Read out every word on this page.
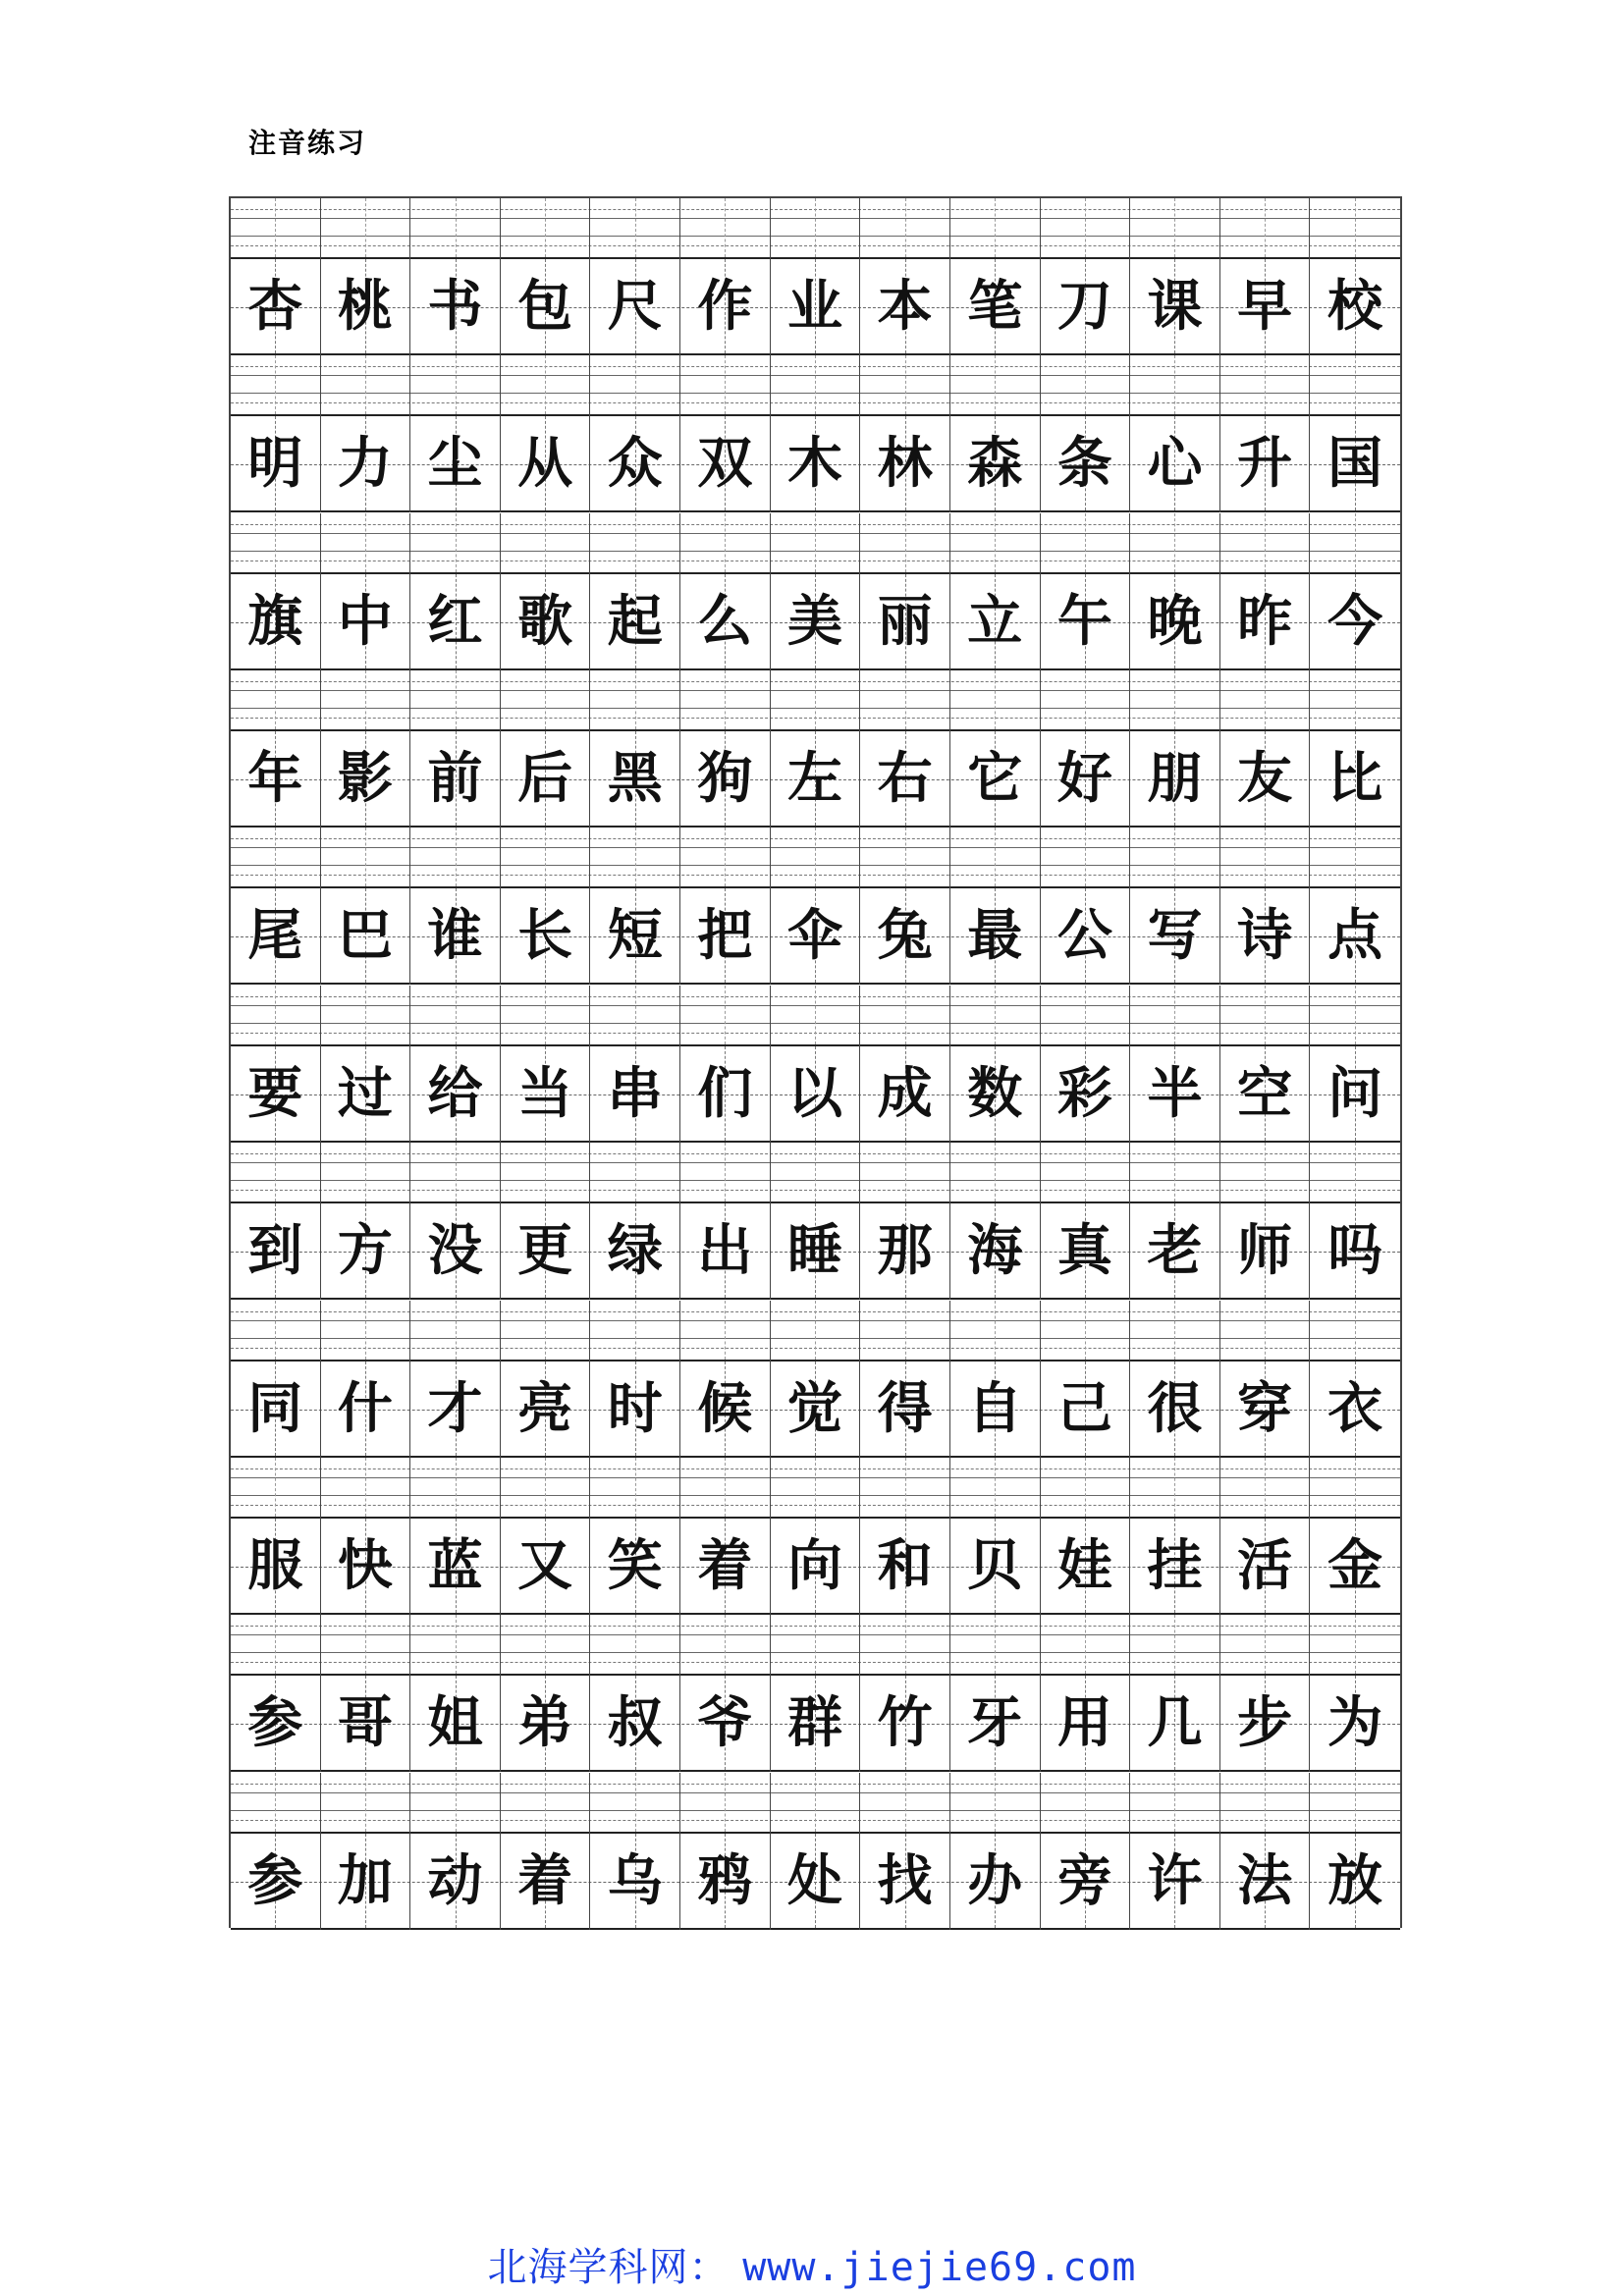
注音练习
杏 桃 书 包 尺 作 业 本 笔 刀 课 早 校
明 力 尘 从 众 双 木 林 森 条 心 升 国
旗 中 红 歌 起 么 美 丽 立 午 晚 昨 今
年 影 前 后 黑 狗 左 右 它 好 朋 友 比
尾 巴 谁 长 短 把 伞 兔 最 公 写 诗 点
要 过 给 当 串 们 以 成 数 彩 半 空 问
到 方 没 更 绿 出 睡 那 海 真 老 师 吗
同 什 才 亮 时 候 觉 得 自 己 很 穿 衣
服 快 蓝 又 笑 着 向 和 贝 娃 挂 活 金
参 哥 姐 弟 叔 爷 群 竹 牙 用 几 步 为
参 加 动 着 乌 鸦 处 找 办 旁 许 法 放
北海学科网： www.jiejie69.com
